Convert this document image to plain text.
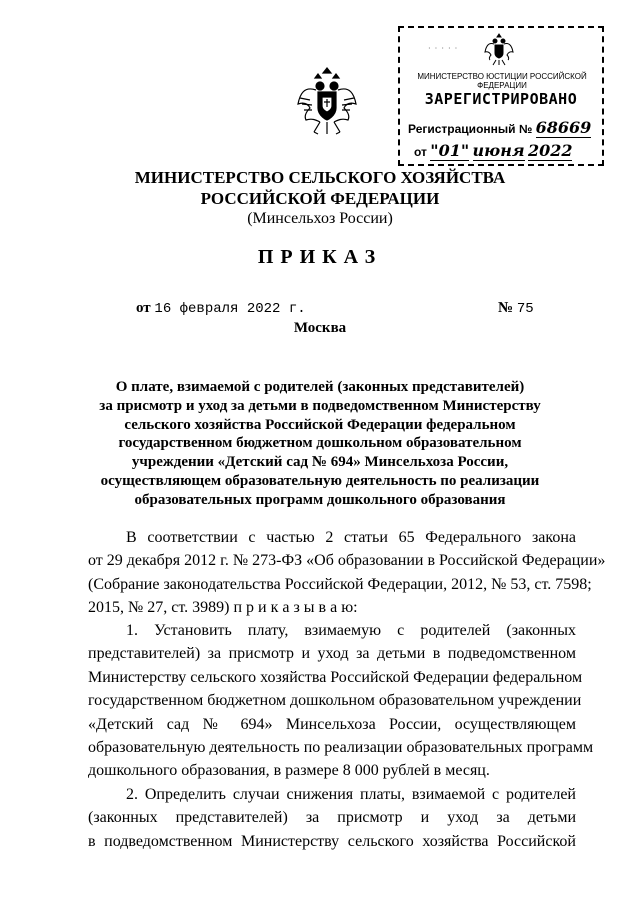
· · · · ·
МИНИСТЕРСТВО ЮСТИЦИИ РОССИЙСКОЙ ФЕДЕРАЦИИ
ЗАРЕГИСТРИРОВАНО
Регистрационный № 68669
от "01" июня 2022
МИНИСТЕРСТВО СЕЛЬСКОГО ХОЗЯЙСТВА
РОССИЙСКОЙ ФЕДЕРАЦИИ
(Минсельхоз России)
ПРИКАЗ
от 16 февраля 2022 г.	№ 75
Москва
О плате, взимаемой с родителей (законных представителей)
за присмотр и уход за детьми в подведомственном Министерству
сельского хозяйства Российской Федерации федеральном
государственном бюджетном дошкольном образовательном
учреждении «Детский сад № 694» Минсельхоза России,
осуществляющем образовательную деятельность по реализации
образовательных программ дошкольного образования
В соответствии с частью 2 статьи 65 Федерального закона
от 29 декабря 2012 г. № 273-ФЗ «Об образовании в Российской Федерации»
(Собрание законодательства Российской Федерации, 2012, № 53, ст. 7598;
2015, № 27, ст. 3989) п р и к а з ы в а ю:
1. Установить плату, взимаемую с родителей (законных
представителей) за присмотр и уход за детьми в подведомственном
Министерству сельского хозяйства Российской Федерации федеральном
государственном бюджетном дошкольном образовательном учреждении
«Детский сад № 694» Минсельхоза России, осуществляющем
образовательную деятельность по реализации образовательных программ
дошкольного образования, в размере 8 000 рублей в месяц.
2. Определить случаи снижения платы, взимаемой с родителей
(законных представителей) за присмотр и уход за детьми
в подведомственном Министерству сельского хозяйства Российской
